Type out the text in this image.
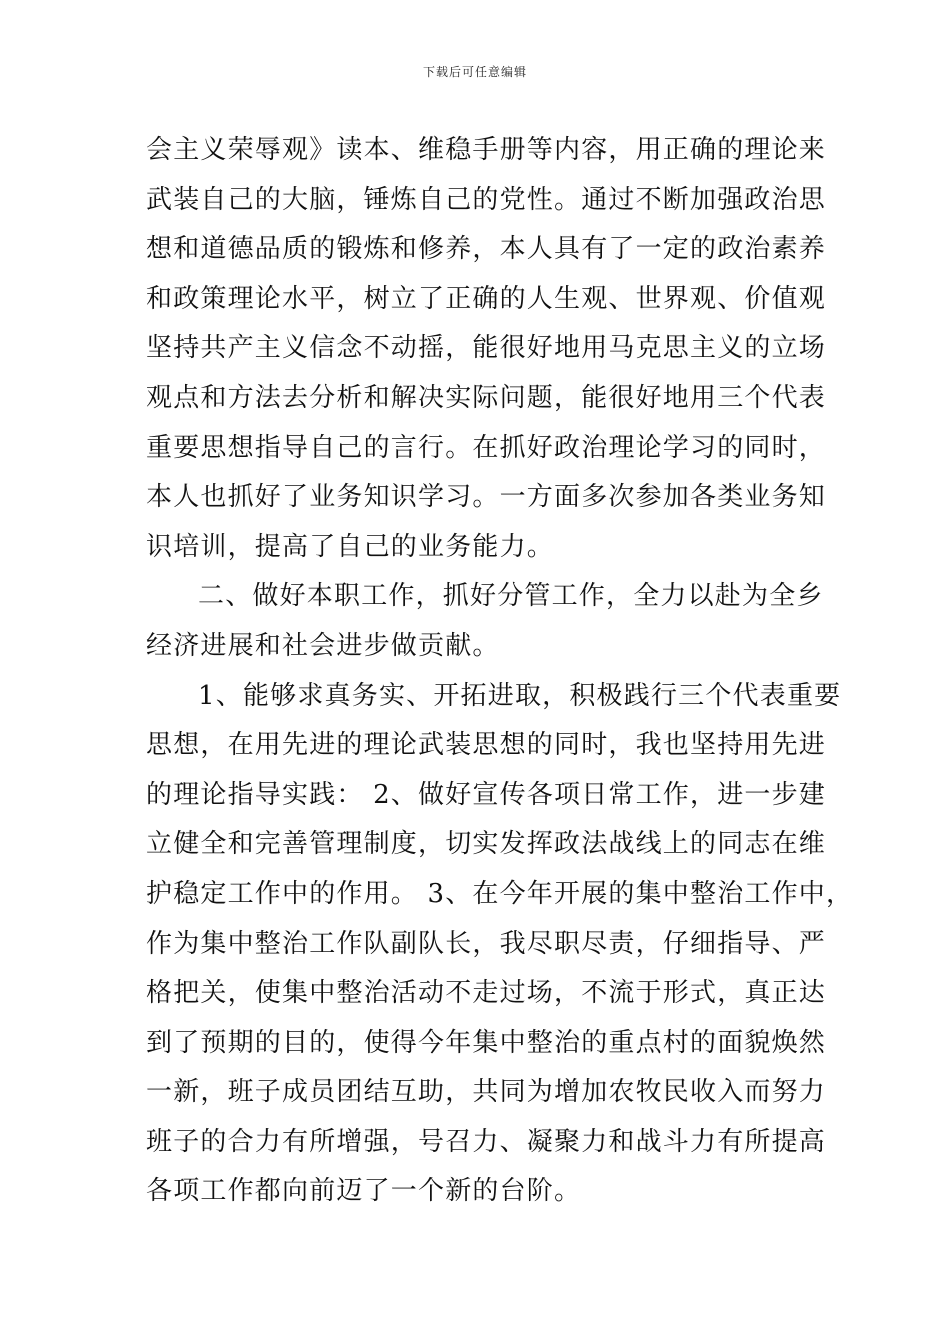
下载后可任意编辑
会主义荣辱观》读本、维稳手册等内容，用正确的理论来
武装自己的大脑，锤炼自己的党性。通过不断加强政治思
想和道德品质的锻炼和修养，本人具有了一定的政治素养
和政策理论水平，树立了正确的人生观、世界观、价值观
坚持共产主义信念不动摇，能很好地用马克思主义的立场
观点和方法去分析和解决实际问题，能很好地用三个代表
重要思想指导自己的言行。在抓好政治理论学习的同时，
本人也抓好了业务知识学习。一方面多次参加各类业务知
识培训，提高了自己的业务能力。
二、做好本职工作，抓好分管工作，全力以赴为全乡
经济进展和社会进步做贡献。
1、能够求真务实、开拓进取，积极践行三个代表重要
思想，在用先进的理论武装思想的同时，我也坚持用先进
的理论指导实践： 2、做好宣传各项日常工作，进一步建
立健全和完善管理制度，切实发挥政法战线上的同志在维
护稳定工作中的作用。 3、在今年开展的集中整治工作中，
作为集中整治工作队副队长，我尽职尽责，仔细指导、严
格把关，使集中整治活动不走过场，不流于形式，真正达
到了预期的目的，使得今年集中整治的重点村的面貌焕然
一新，班子成员团结互助，共同为增加农牧民收入而努力
班子的合力有所增强，号召力、凝聚力和战斗力有所提高
各项工作都向前迈了一个新的台阶。
